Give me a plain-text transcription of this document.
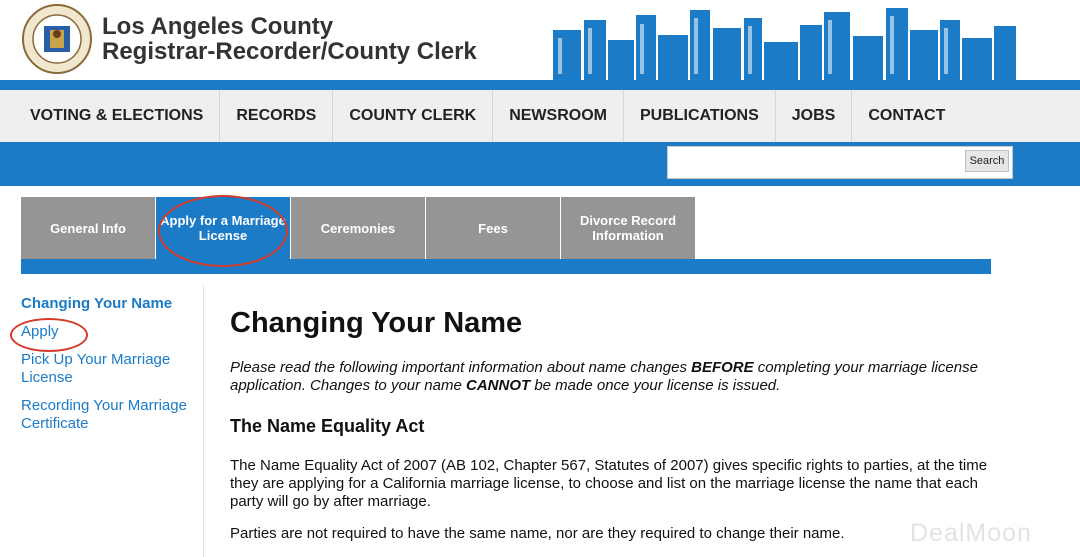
Los Angeles County
Registrar-Recorder/County Clerk
VOTING & ELECTIONS	RECORDS	COUNTY CLERK	NEWSROOM	PUBLICATIONS	JOBS	CONTACT
Search
General Info	Apply for a Marriage License	Ceremonies	Fees	Divorce Record Information
Changing Your Name
Apply
Pick Up Your Marriage License
Recording Your Marriage Certificate
Changing Your Name

Please read the following important information about name changes BEFORE completing your marriage license application. Changes to your name CANNOT be made once your license is issued.

The Name Equality Act

The Name Equality Act of 2007 (AB 102, Chapter 567, Statutes of 2007) gives specific rights to parties, at the time they are applying for a California marriage license, to choose and list on the marriage license the name that each party will go by after marriage.

Parties are not required to have the same name, nor are they required to change their name.	DealMoon
